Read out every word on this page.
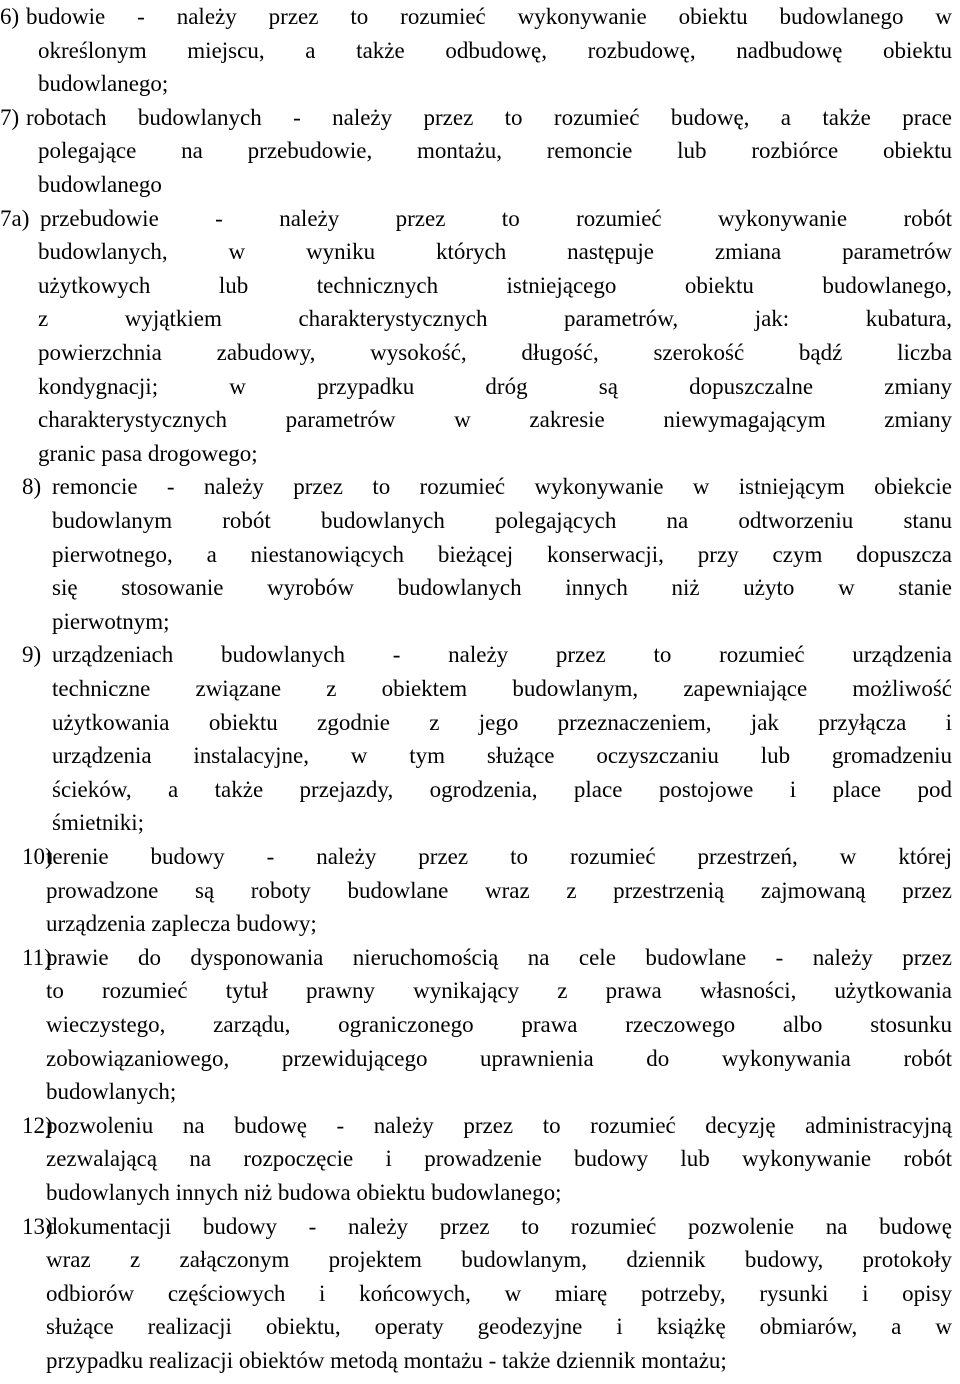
6) budowie - należy przez to rozumieć wykonywanie obiektu budowlanego w
określonym miejscu, a także odbudowę, rozbudowę, nadbudowę obiektu
budowlanego;
7) robotach budowlanych - należy przez to rozumieć budowę, a także prace
polegające na przebudowie, montażu, remoncie lub rozbiórce obiektu
budowlanego
7a) przebudowie - należy przez to rozumieć wykonywanie robót
budowlanych, w wyniku których następuje zmiana parametrów
użytkowych lub technicznych istniejącego obiektu budowlanego,
z wyjątkiem charakterystycznych parametrów, jak: kubatura,
powierzchnia zabudowy, wysokość, długość, szerokość bądź liczba
kondygnacji; w przypadku dróg są dopuszczalne zmiany
charakterystycznych parametrów w zakresie niewymagającym zmiany
granic pasa drogowego;
8) remoncie - należy przez to rozumieć wykonywanie w istniejącym obiekcie
budowlanym robót budowlanych polegających na odtworzeniu stanu
pierwotnego, a niestanowiących bieżącej konserwacji, przy czym dopuszcza
się stosowanie wyrobów budowlanych innych niż użyto w stanie
pierwotnym;
9) urządzeniach budowlanych - należy przez to rozumieć urządzenia
techniczne związane z obiektem budowlanym, zapewniające możliwość
użytkowania obiektu zgodnie z jego przeznaczeniem, jak przyłącza i
urządzenia instalacyjne, w tym służące oczyszczaniu lub gromadzeniu
ścieków, a także przejazdy, ogrodzenia, place postojowe i place pod
śmietniki;
10)
terenie budowy - należy przez to rozumieć przestrzeń, w której
prowadzone są roboty budowlane wraz z przestrzenią zajmowaną przez
urządzenia zaplecza budowy;
11)
prawie do dysponowania nieruchomością na cele budowlane - należy przez
to rozumieć tytuł prawny wynikający z prawa własności, użytkowania
wieczystego, zarządu, ograniczonego prawa rzeczowego albo stosunku
zobowiązaniowego, przewidującego uprawnienia do wykonywania robót
budowlanych;
12)
pozwoleniu na budowę - należy przez to rozumieć decyzję administracyjną
zezwalającą na rozpoczęcie i prowadzenie budowy lub wykonywanie robót
budowlanych innych niż budowa obiektu budowlanego;
13)
dokumentacji budowy - należy przez to rozumieć pozwolenie na budowę
wraz z załączonym projektem budowlanym, dziennik budowy, protokoły
odbiorów częściowych i końcowych, w miarę potrzeby, rysunki i opisy
służące realizacji obiektu, operaty geodezyjne i książkę obmiarów, a w
przypadku realizacji obiektów metodą montażu - także dziennik montażu;
